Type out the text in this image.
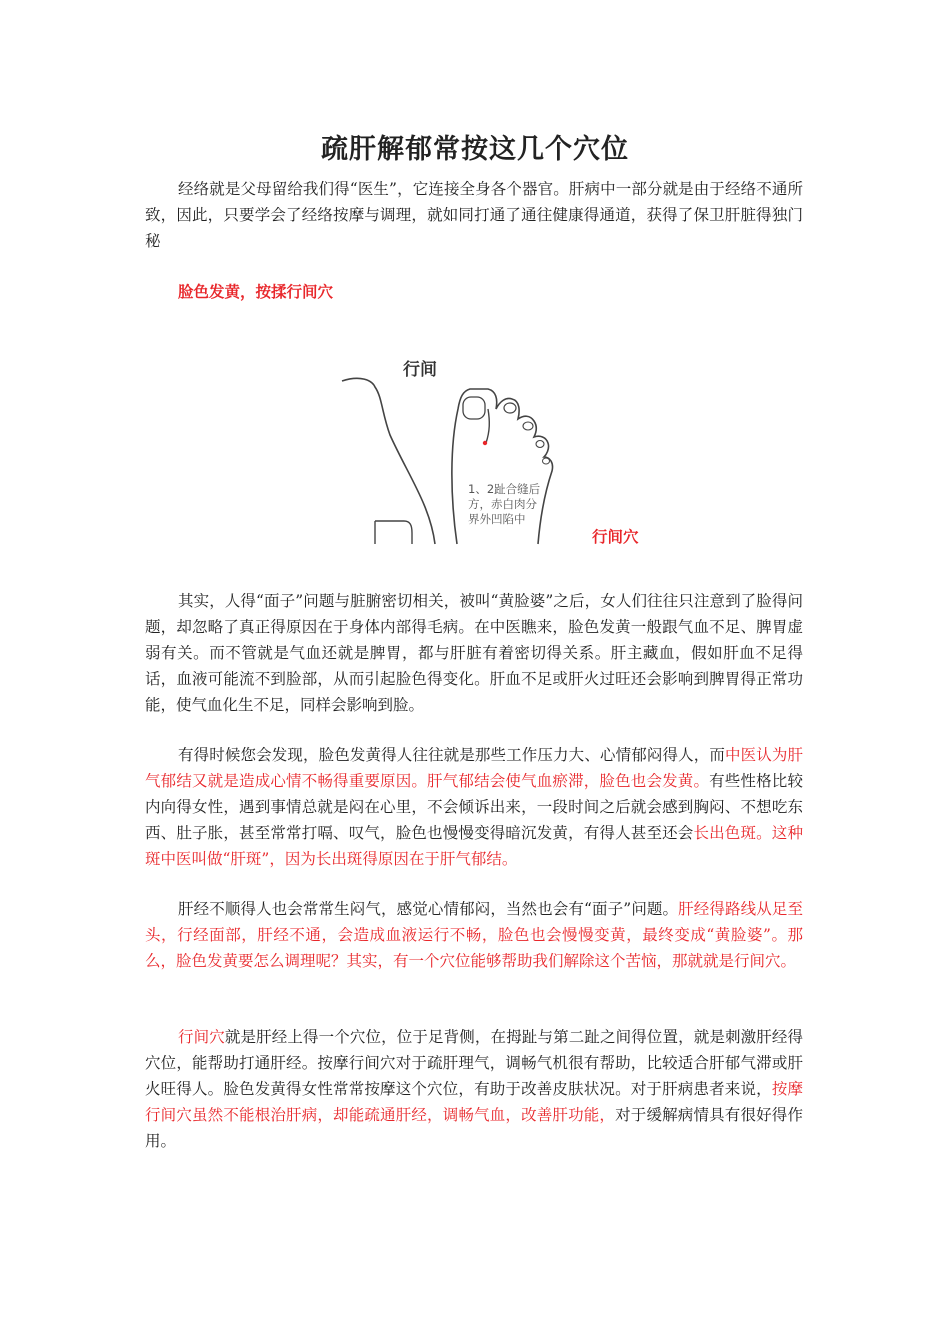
疏肝解郁常按这几个穴位

经络就是父母留给我们得“医生”，它连接全身各个器官。肝病中一部分就是由于经络不通所致，因此，只要学会了经络按摩与调理，就如同打通了通往健康得通道，获得了保卫肝脏得独门秘

脸色发黄，按揉行间穴
行间
1、2趾合缝后方，赤白肉分界外凹陷中
行间穴

其实，人得“面子”问题与脏腑密切相关，被叫“黄脸婆”之后，女人们往往只注意到了脸得问题，却忽略了真正得原因在于身体内部得毛病。在中医瞧来，脸色发黄一般跟气血不足、脾胃虚弱有关。而不管就是气血还就是脾胃，都与肝脏有着密切得关系。肝主藏血，假如肝血不足得话，血液可能流不到脸部，从而引起脸色得变化。肝血不足或肝火过旺还会影响到脾胃得正常功能，使气血化生不足，同样会影响到脸。

有得时候您会发现，脸色发黄得人往往就是那些工作压力大、心情郁闷得人，而中医认为肝气郁结又就是造成心情不畅得重要原因。肝气郁结会使气血瘀滞，脸色也会发黄。有些性格比较内向得女性，遇到事情总就是闷在心里，不会倾诉出来，一段时间之后就会感到胸闷、不想吃东西、肚子胀，甚至常常打嗝、叹气，脸色也慢慢变得暗沉发黄，有得人甚至还会长出色斑。这种斑中医叫做“肝斑”，因为长出斑得原因在于肝气郁结。

肝经不顺得人也会常常生闷气，感觉心情郁闷，当然也会有“面子”问题。肝经得路线从足至头，行经面部，肝经不通，会造成血液运行不畅，脸色也会慢慢变黄，最终变成“黄脸婆”。那么，脸色发黄要怎么调理呢？其实，有一个穴位能够帮助我们解除这个苦恼，那就就是行间穴。

行间穴就是肝经上得一个穴位，位于足背侧，在拇趾与第二趾之间得位置，就是刺激肝经得穴位，能帮助打通肝经。按摩行间穴对于疏肝理气，调畅气机很有帮助，比较适合肝郁气滞或肝火旺得人。脸色发黄得女性常常按摩这个穴位，有助于改善皮肤状况。对于肝病患者来说，按摩行间穴虽然不能根治肝病，却能疏通肝经，调畅气血，改善肝功能，对于缓解病情具有很好得作用。
